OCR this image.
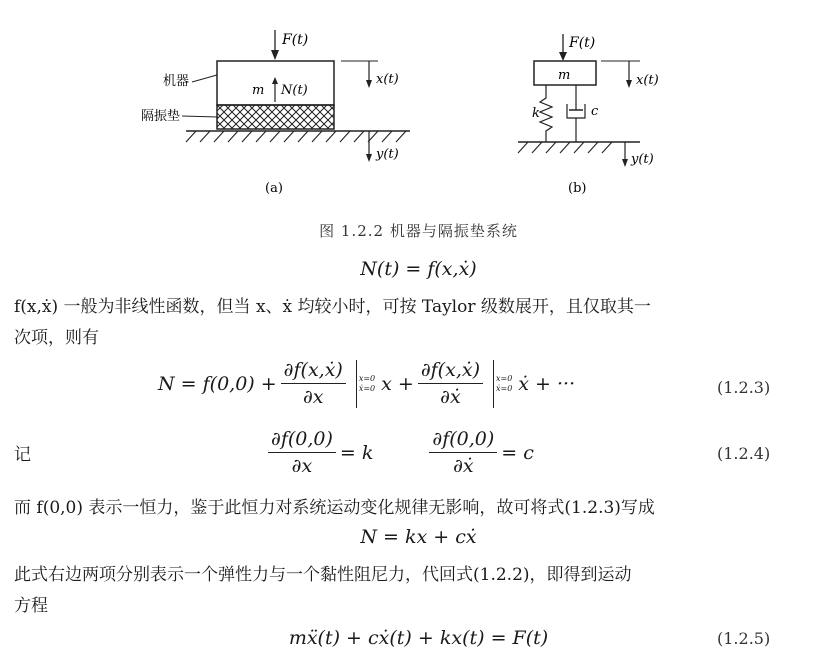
F(t)
m N(t)
机器
隔振垫
x(t)
y(t)
(a)
F(t)
m
k	c
x(t)
y(t)
(b)
图 1.2.2 机器与隔振垫系统
N(t) = f(x,ẋ)
f(x,ẋ) 一般为非线性函数，但当 x、ẋ 均较小时，可按 Taylor 级数展开，且仅取其一
次项，则有
$N = f(0,0) + \frac{\text{∂f(x,ẋ)}}{\partial x} x=0$
ẋ=0 $x + \frac{\text{∂f(x,ẋ)}}{\text{∂ẋ}} x=0$
ẋ=0 ẋ + ···	(1.2.3)
记	$\frac{\partial f(0,0)}{\partial x} = k$	$\frac{\partial f(0,0)}{\text{∂ẋ}} = c$	(1.2.4)
而 f(0,0) 表示一恒力，鉴于此恒力对系统运动变化规律无影响，故可将式(1.2.3)写成
N = kx + cẋ
此式右边两项分别表示一个弹性力与一个黏性阻尼力，代回式(1.2.2)，即得到运动
方程
mẍ(t) + cẋ(t) + kx(t) = F(t)	(1.2.5)
